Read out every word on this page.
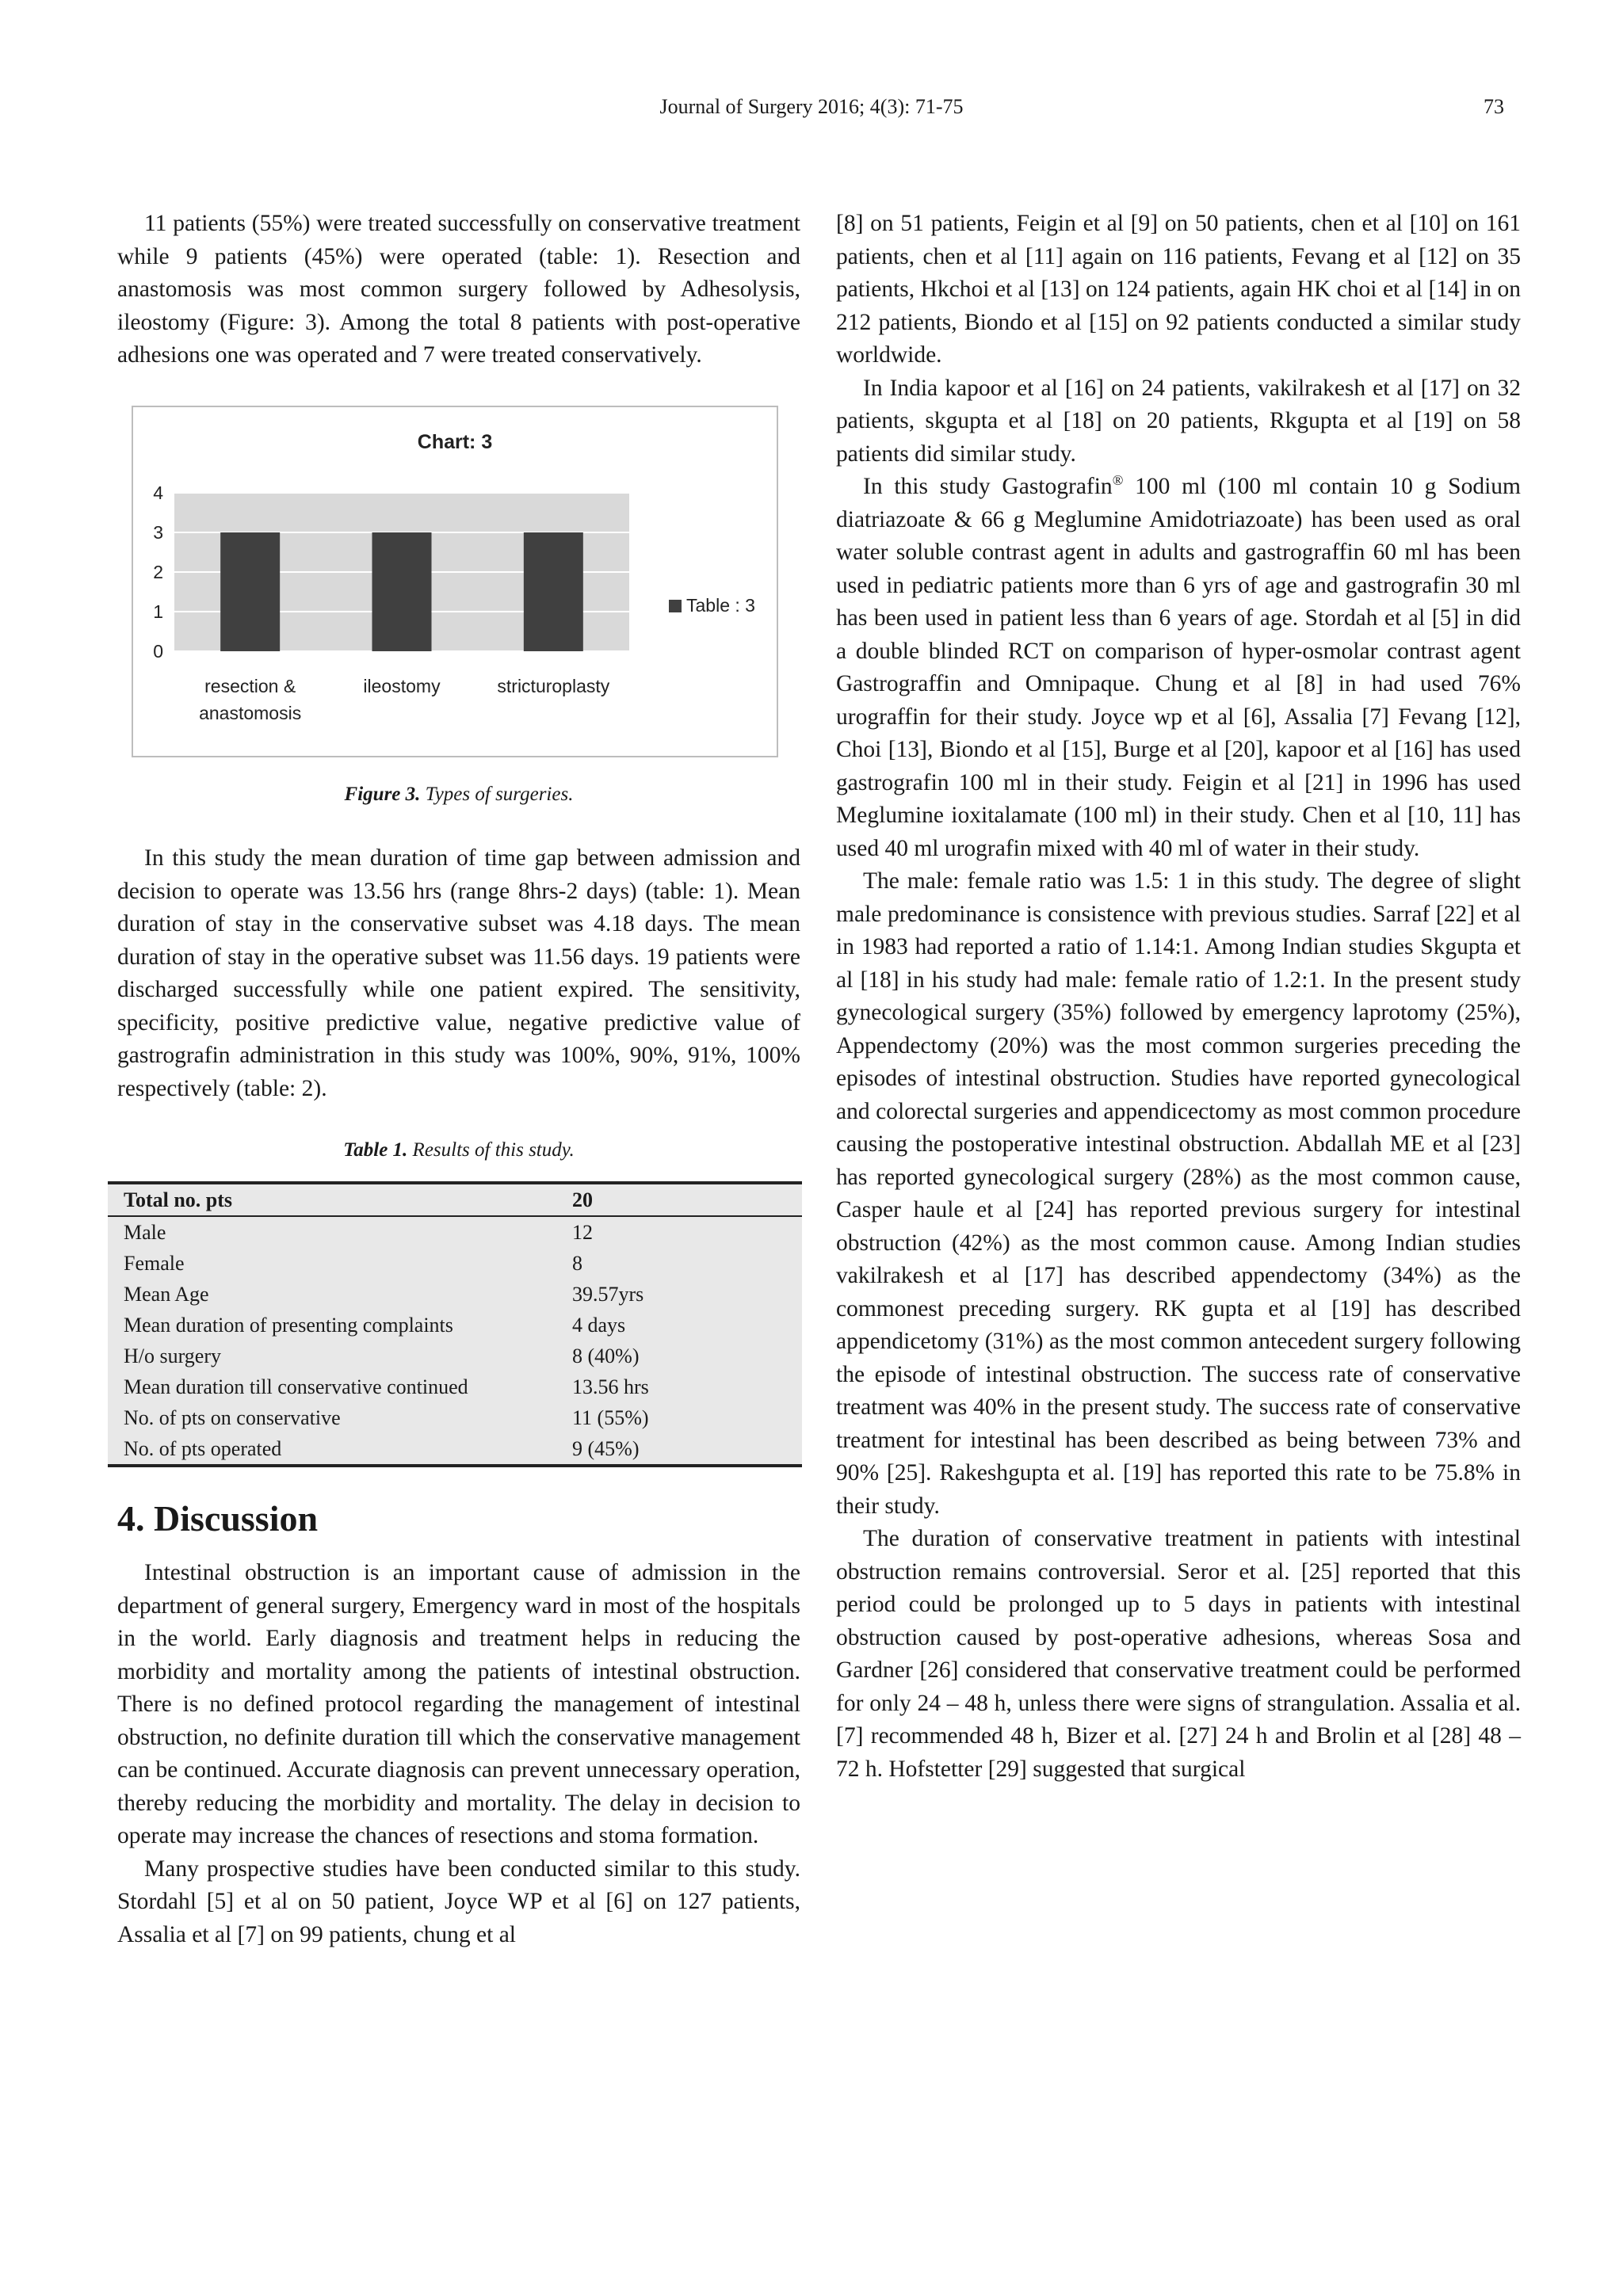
Journal of Surgery 2016; 4(3): 71-75	73

11 patients (55%) were treated successfully on conservative treatment while 9 patients (45%) were operated (table: 1). Resection and anastomosis was most common surgery followed by Adhesolysis, ileostomy (Figure: 3). Among the total 8 patients with post-operative adhesions one was operated and 7 were treated conservatively.

Chart: 3
0
1
2
3
4
resection & anastomosis
ileostomy	stricturoplasty
Table : 3
Figure 3. Types of surgeries.

In this study the mean duration of time gap between admission and decision to operate was 13.56 hrs (range 8hrs-2 days) (table: 1). Mean duration of stay in the conservative subset was 4.18 days. The mean duration of stay in the operative subset was 11.56 days. 19 patients were discharged successfully while one patient expired. The sensitivity, specificity, positive predictive value, negative predictive value of gastrografin administration in this study was 100%, 90%, 91%, 100% respectively (table: 2).

Table 1. Results of this study.
Total no. pts	20
Male	12
Female	8
Mean Age	39.57yrs
Mean duration of presenting complaints	4 days
H/o surgery	8 (40%)
Mean duration till conservative continued	13.56 hrs
No. of pts on conservative	11 (55%)
No. of pts operated	9 (45%)
4. Discussion

Intestinal obstruction is an important cause of admission in the department of general surgery, Emergency ward in most of the hospitals in the world. Early diagnosis and treatment helps in reducing the morbidity and mortality among the patients of intestinal obstruction. There is no defined protocol regarding the management of intestinal obstruction, no definite duration till which the conservative management can be continued. Accurate diagnosis can prevent unnecessary operation, thereby reducing the morbidity and mortality. The delay in decision to operate may increase the chances of resections and stoma formation.

Many prospective studies have been conducted similar to this study. Stordahl [5] et al on 50 patient, Joyce WP et al [6] on 127 patients, Assalia et al [7] on 99 patients, chung et al

[8] on 51 patients, Feigin et al [9] on 50 patients, chen et al [10] on 161 patients, chen et al [11] again on 116 patients, Fevang et al [12] on 35 patients, Hkchoi et al [13] on 124 patients, again HK choi et al [14] in on 212 patients, Biondo et al [15] on 92 patients conducted a similar study worldwide.

In India kapoor et al [16] on 24 patients, vakilrakesh et al [17] on 32 patients, skgupta et al [18] on 20 patients, Rkgupta et al [19] on 58 patients did similar study.

In this study Gastografin® 100 ml (100 ml contain 10 g Sodium diatriazoate & 66 g Meglumine Amidotriazoate) has been used as oral water soluble contrast agent in adults and gastrograffin 60 ml has been used in pediatric patients more than 6 yrs of age and gastrografin 30 ml has been used in patient less than 6 years of age. Stordah et al [5] in did a double blinded RCT on comparison of hyper-osmolar contrast agent Gastrograffin and Omnipaque. Chung et al [8] in had used 76% urograffin for their study. Joyce wp et al [6], Assalia [7] Fevang [12], Choi [13], Biondo et al [15], Burge et al [20], kapoor et al [16] has used gastrografin 100 ml in their study. Feigin et al [21] in 1996 has used Meglumine ioxitalamate (100 ml) in their study. Chen et al [10, 11] has used 40 ml urografin mixed with 40 ml of water in their study.

The male: female ratio was 1.5: 1 in this study. The degree of slight male predominance is consistence with previous studies. Sarraf [22] et al in 1983 had reported a ratio of 1.14:1. Among Indian studies Skgupta et al [18] in his study had male: female ratio of 1.2:1. In the present study gynecological surgery (35%) followed by emergency laprotomy (25%), Appendectomy (20%) was the most common surgeries preceding the episodes of intestinal obstruction. Studies have reported gynecological and colorectal surgeries and appendicectomy as most common procedure causing the postoperative intestinal obstruction. Abdallah ME et al [23] has reported gynecological surgery (28%) as the most common cause, Casper haule et al [24] has reported previous surgery for intestinal obstruction (42%) as the most common cause. Among Indian studies vakilrakesh et al [17] has described appendectomy (34%) as the commonest preceding surgery. RK gupta et al [19] has described appendicetomy (31%) as the most common antecedent surgery following the episode of intestinal obstruction. The success rate of conservative treatment was 40% in the present study. The success rate of conservative treatment for intestinal has been described as being between 73% and 90% [25]. Rakeshgupta et al. [19] has reported this rate to be 75.8% in their study.

The duration of conservative treatment in patients with intestinal obstruction remains controversial. Seror et al. [25] reported that this period could be prolonged up to 5 days in patients with intestinal obstruction caused by post-operative adhesions, whereas Sosa and Gardner [26] considered that conservative treatment could be performed for only 24 – 48 h, unless there were signs of strangulation. Assalia et al. [7] recommended 48 h, Bizer et al. [27] 24 h and Brolin et al [28] 48 – 72 h. Hofstetter [29] suggested that surgical
